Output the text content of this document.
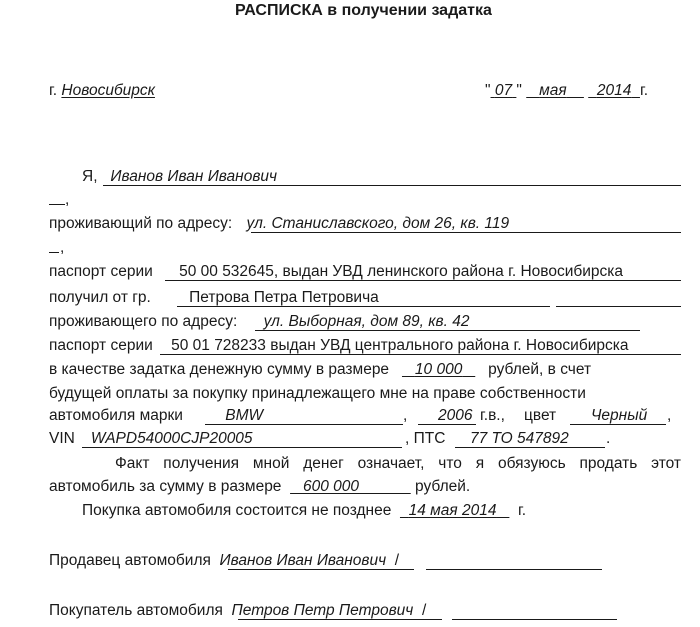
РАСПИСКА в получении задатка
г. Новосибирск	" 07 " мая 2014 г.
Я, Иванов Иван Иванович
,
проживающий по адресу: ул. Станиславского, дом 26, кв. 119
,
паспорт серии 50 00 532645, выдан УВД ленинского района г. Новосибирска
получил от гр. Петрова Петра Петровича
проживающего по адресу: ул. Выборная, дом 89, кв. 42
паспорт серии 50 01 728233 выдан УВД центрального района г. Новосибирска
в качестве задатка денежную сумму в размере 10 000 рублей, в счет
будущей оплаты за покупку принадлежащего мне на праве собственности
автомобиля марки	BMW	, 2006 г.в., цвет Черный ,
VIN WAPD54000CJP20005	, ПТС 77 ТО 547892 .
Факт получения мной денег означает, что я обязуюсь продать этот
автомобиль за сумму в размере 600 000	рублей.
Покупка автомобиля состоится не позднее 14 мая 2014 г.
Продавец автомобиля Иванов Иван Иванович /
Покупатель автомобиля Петров Петр Петрович /
